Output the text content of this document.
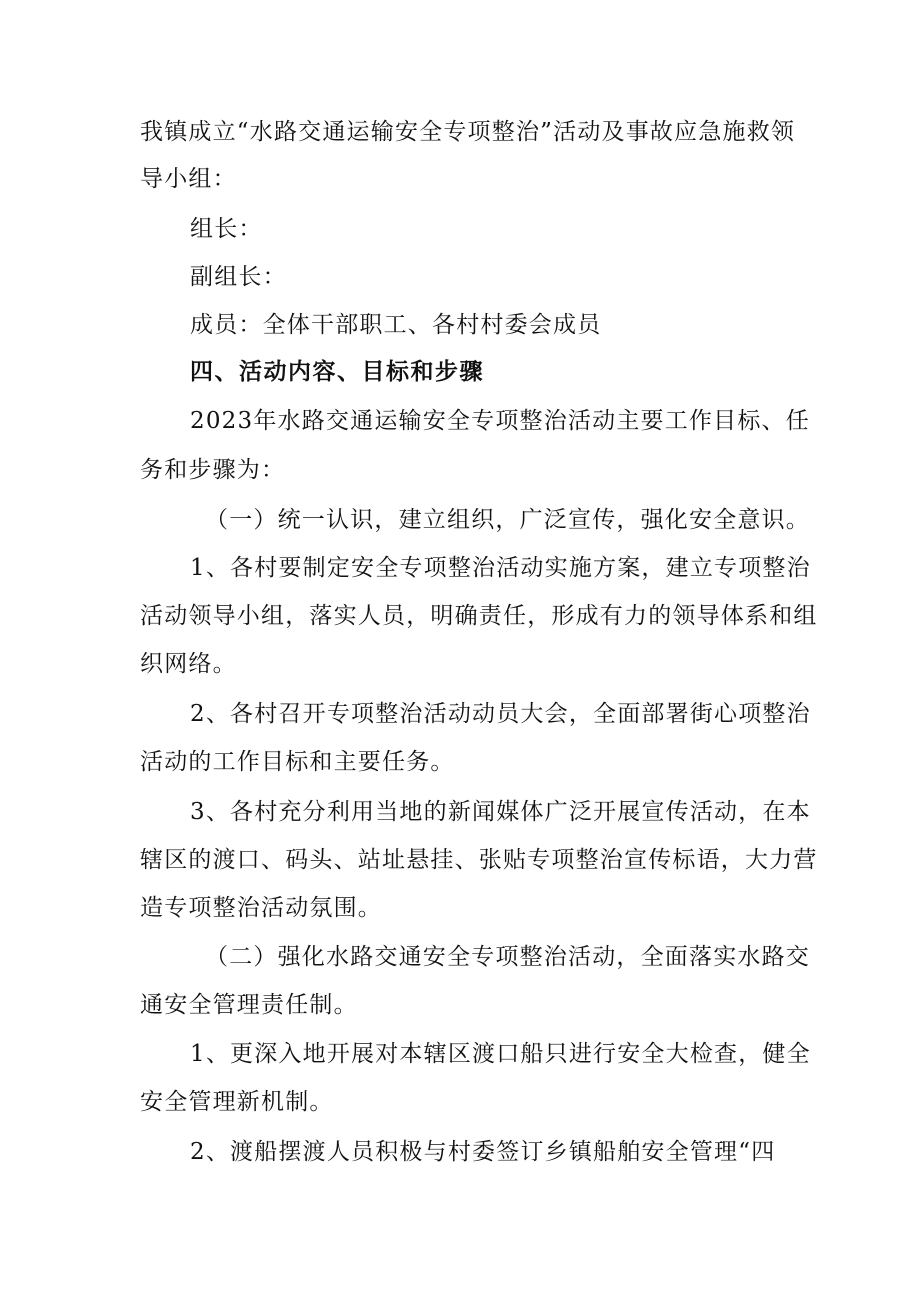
我镇成立“水路交通运输安全专项整治”活动及事故应急施救领
导小组：
组长：
副组长：
成员：全体干部职工、各村村委会成员
四、活动内容、目标和步骤
2023年水路交通运输安全专项整治活动主要工作目标、任
务和步骤为：
（一）统一认识，建立组织，广泛宣传，强化安全意识。
1、各村要制定安全专项整治活动实施方案，建立专项整治
活动领导小组，落实人员，明确责任，形成有力的领导体系和组
织网络。
2、各村召开专项整治活动动员大会，全面部署街心项整治
活动的工作目标和主要任务。
3、各村充分利用当地的新闻媒体广泛开展宣传活动，在本
辖区的渡口、码头、站址悬挂、张贴专项整治宣传标语，大力营
造专项整治活动氛围。
（二）强化水路交通安全专项整治活动，全面落实水路交
通安全管理责任制。
1、更深入地开展对本辖区渡口船只进行安全大检查，健全
安全管理新机制。
2、渡船摆渡人员积极与村委签订乡镇船舶安全管理“四
